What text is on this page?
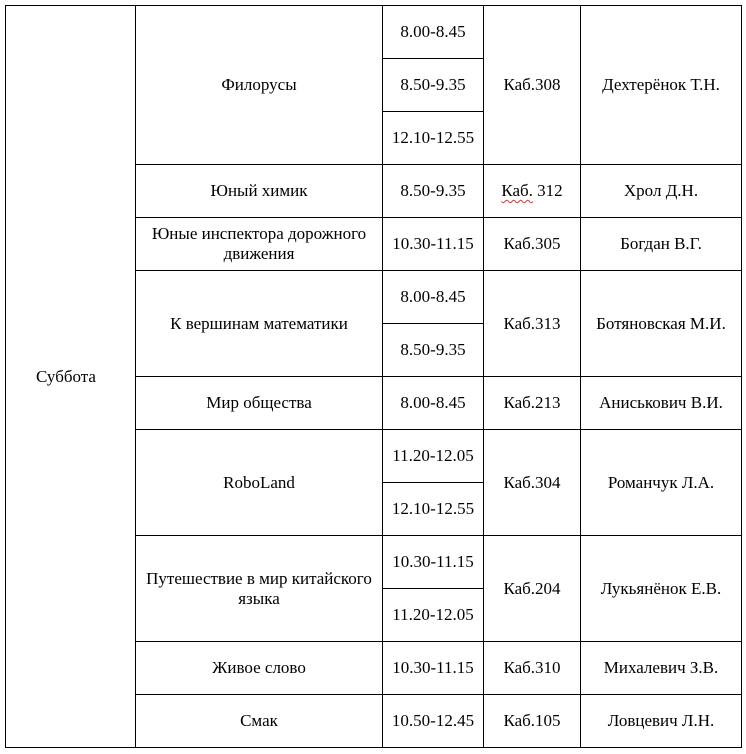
Суббота	Филорусы	8.00-8.45	Каб.308	Дехтерёнок Т.Н.
		8.50-9.35		
		12.10-12.55		
	Юный химик	8.50-9.35	Каб. 312	Хрол Д.Н.
	Юные инспектора дорожного движения	10.30-11.15	Каб.305	Богдан В.Г.
	К вершинам математики	8.00-8.45	Каб.313	Ботяновская М.И.
		8.50-9.35		
	Мир общества	8.00-8.45	Каб.213	Аниськович В.И.
	RoboLand	11.20-12.05	Каб.304	Романчук Л.А.
		12.10-12.55		
	Путешествие в мир китайского языка	10.30-11.15	Каб.204	Лукьянёнок Е.В.
		11.20-12.05		
	Живое слово	10.30-11.15	Каб.310	Михалевич З.В.
	Смак	10.50-12.45	Каб.105	Ловцевич Л.Н.
